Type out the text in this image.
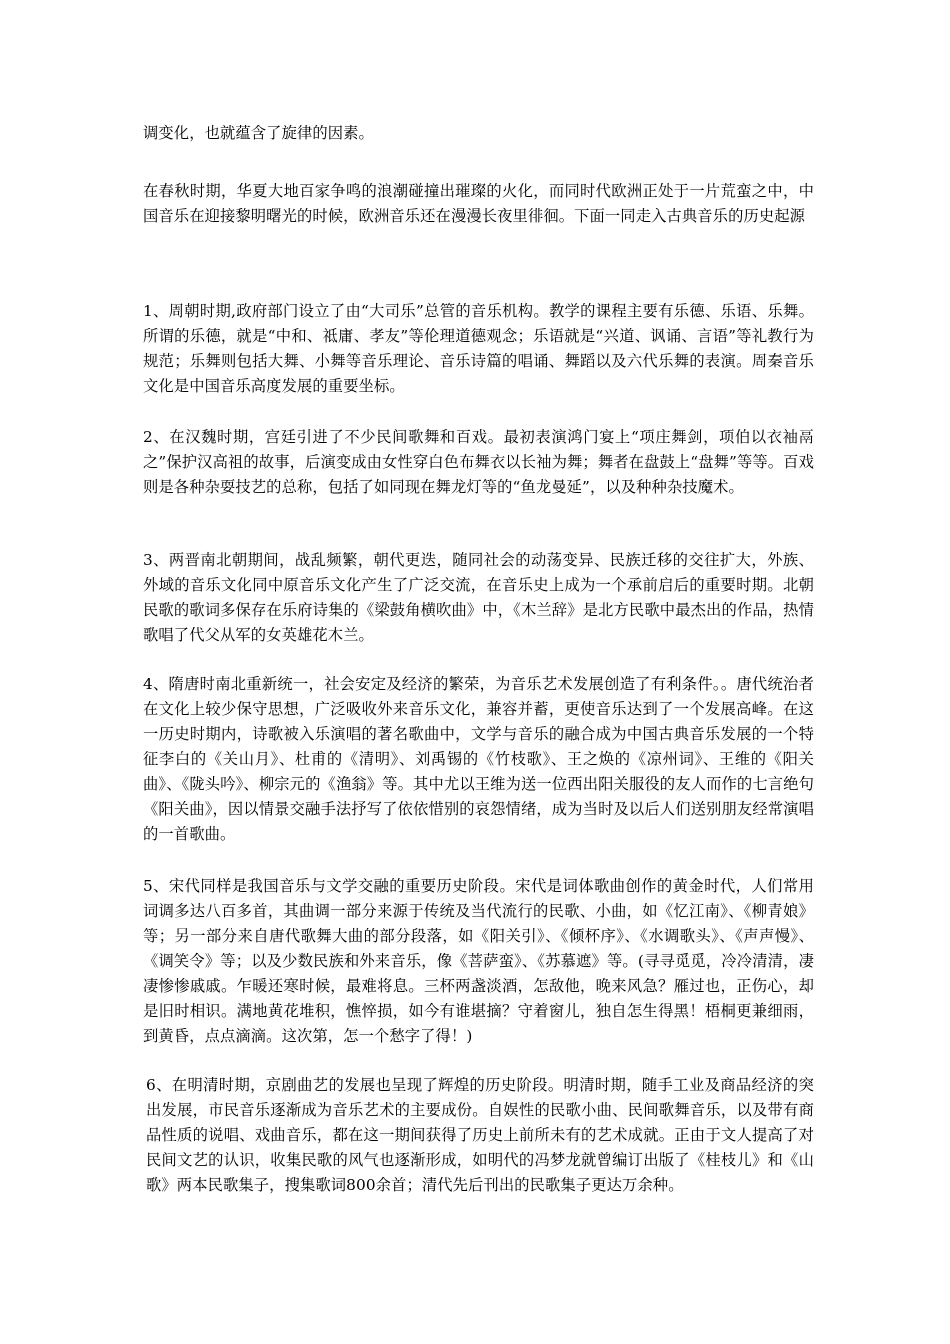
调变化，也就蕴含了旋律的因素。

在春秋时期，华夏大地百家争鸣的浪潮碰撞出璀璨的火化，而同时代欧洲正处于一片荒蛮之中，中国音乐在迎接黎明曙光的时候，欧洲音乐还在漫漫长夜里徘徊。下面一同走入古典音乐的历史起源

1、周朝时期,政府部门设立了由“大司乐”总管的音乐机构。教学的课程主要有乐德、乐语、乐舞。所谓的乐德，就是“中和、祗庸、孝友”等伦理道德观念；乐语就是“兴道、讽诵、言语”等礼教行为规范；乐舞则包括大舞、小舞等音乐理论、音乐诗篇的唱诵、舞蹈以及六代乐舞的表演。周秦音乐文化是中国音乐高度发展的重要坐标。

2、在汉魏时期，宫廷引进了不少民间歌舞和百戏。最初表演鸿门宴上“项庄舞剑，项伯以衣袖鬲之”保护汉高祖的故事，后演变成由女性穿白色布舞衣以长袖为舞；舞者在盘鼓上“盘舞”等等。百戏则是各种杂耍技艺的总称，包括了如同现在舞龙灯等的“鱼龙曼延”，以及种种杂技魔术。

3、两晋南北朝期间，战乱频繁，朝代更迭，随同社会的动荡变异、民族迁移的交往扩大，外族、外域的音乐文化同中原音乐文化产生了广泛交流，在音乐史上成为一个承前启后的重要时期。北朝民歌的歌词多保存在乐府诗集的《梁鼓角横吹曲》中，《木兰辞》是北方民歌中最杰出的作品，热情歌唱了代父从军的女英雄花木兰。

4、隋唐时南北重新统一，社会安定及经济的繁荣，为音乐艺术发展创造了有利条件。。唐代统治者在文化上较少保守思想，广泛吸收外来音乐文化，兼容并蓄，更使音乐达到了一个发展高峰。在这一历史时期内，诗歌被入乐演唱的著名歌曲中，文学与音乐的融合成为中国古典音乐发展的一个特征李白的《关山月》、杜甫的《清明》、刘禹锡的《竹枝歌》、王之焕的《凉州词》、王维的《阳关曲》、《陇头吟》、柳宗元的《渔翁》等。其中尤以王维为送一位西出阳关服役的友人而作的七言绝句《阳关曲》，因以情景交融手法抒写了依依惜别的哀怨情绪，成为当时及以后人们送别朋友经常演唱的一首歌曲。

5、宋代同样是我国音乐与文学交融的重要历史阶段。宋代是词体歌曲创作的黄金时代，人们常用词调多达八百多首，其曲调一部分来源于传统及当代流行的民歌、小曲，如《忆江南》、《柳青娘》等；另一部分来自唐代歌舞大曲的部分段落，如《阳关引》、《倾杯序》、《水调歌头》、《声声慢》、《调笑令》等；以及少数民族和外来音乐，像《菩萨蛮》、《苏慕遮》等。(寻寻觅觅，冷冷清清，凄凄惨惨戚戚。乍暖还寒时候，最难将息。三杯两盏淡酒，怎敌他，晚来风急？雁过也，正伤心，却是旧时相识。满地黄花堆积，憔悴损，如今有谁堪摘？守着窗儿，独自怎生得黑！梧桐更兼细雨，到黄昏，点点滴滴。这次第，怎一个愁字了得！)

6、在明清时期，京剧曲艺的发展也呈现了辉煌的历史阶段。明清时期，随手工业及商品经济的突出发展，市民音乐逐渐成为音乐艺术的主要成份。自娱性的民歌小曲、民间歌舞音乐，以及带有商品性质的说唱、戏曲音乐，都在这一期间获得了历史上前所未有的艺术成就。正由于文人提高了对民间文艺的认识，收集民歌的风气也逐渐形成，如明代的冯梦龙就曾编订出版了《桂枝儿》和《山歌》两本民歌集子，搜集歌词800余首；清代先后刊出的民歌集子更达万余种。
